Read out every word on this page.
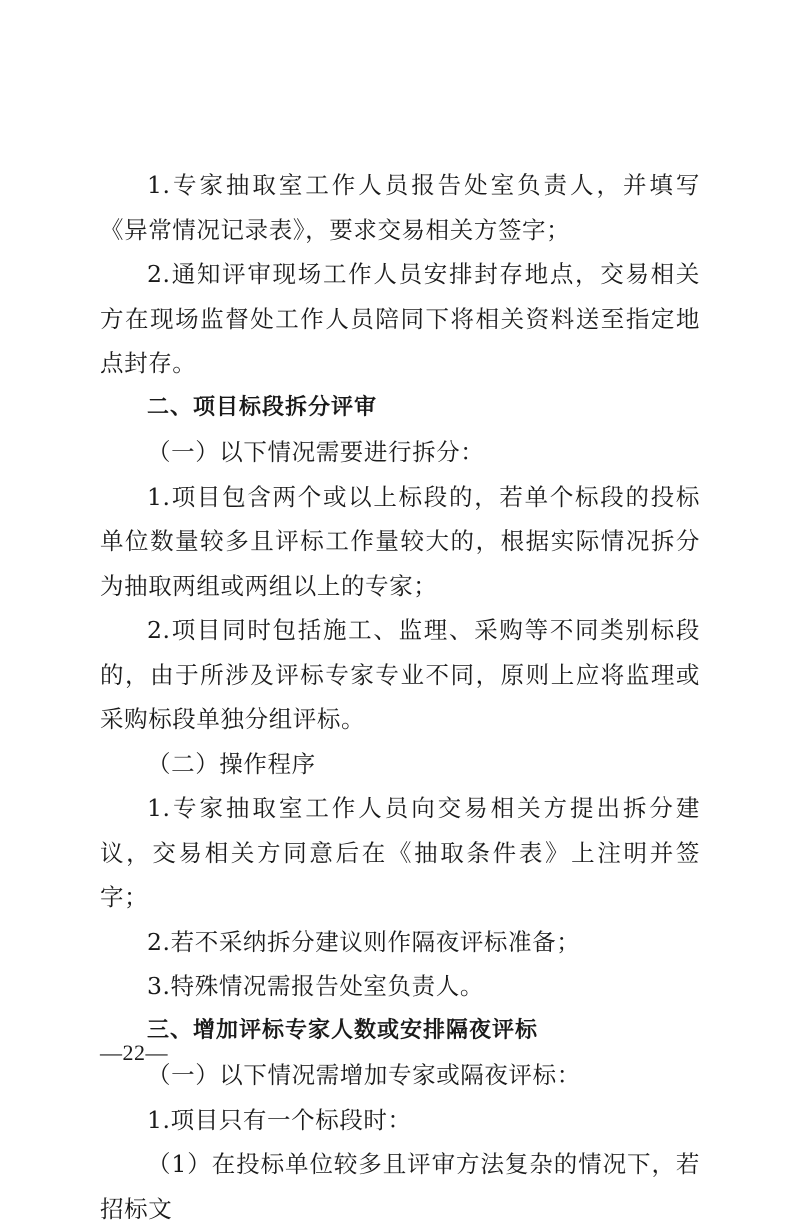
1.专家抽取室工作人员报告处室负责人，并填写《异常情况记录表》，要求交易相关方签字；

2.通知评审现场工作人员安排封存地点，交易相关方在现场监督处工作人员陪同下将相关资料送至指定地点封存。

二、项目标段拆分评审

（一）以下情况需要进行拆分：

1.项目包含两个或以上标段的，若单个标段的投标单位数量较多且评标工作量较大的，根据实际情况拆分为抽取两组或两组以上的专家；

2.项目同时包括施工、监理、采购等不同类别标段的，由于所涉及评标专家专业不同，原则上应将监理或采购标段单独分组评标。

（二）操作程序

1.专家抽取室工作人员向交易相关方提出拆分建议，交易相关方同意后在《抽取条件表》上注明并签字；

2.若不采纳拆分建议则作隔夜评标准备；

3.特殊情况需报告处室负责人。

三、增加评标专家人数或安排隔夜评标

（一）以下情况需增加专家或隔夜评标：

1.项目只有一个标段时：

（1）在投标单位较多且评审方法复杂的情况下，若招标文

—22—
